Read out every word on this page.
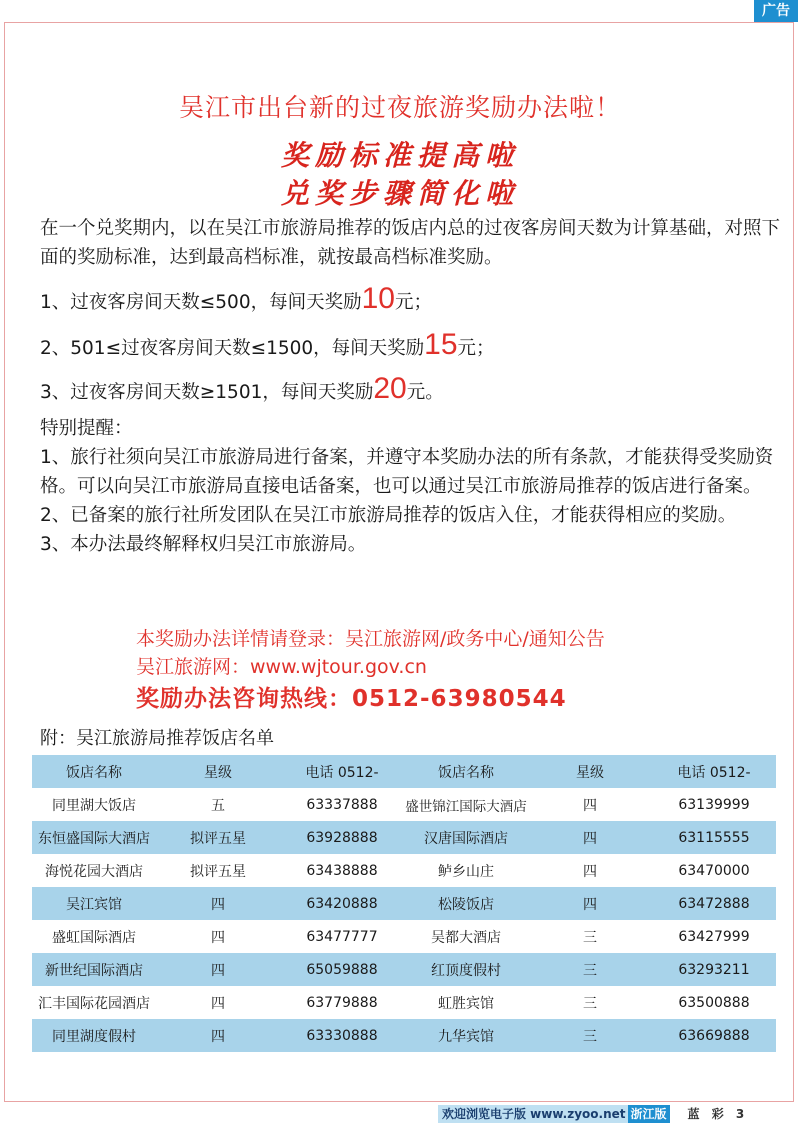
广告
吴江市出台新的过夜旅游奖励办法啦！
奖励标准提高啦
兑奖步骤简化啦
在一个兑奖期内，以在吴江市旅游局推荐的饭店内总的过夜客房间天数为计算基础，对照下面的奖励标准，达到最高档标准，就按最高档标准奖励。
1、过夜客房间天数≤500，每间天奖励10元；
2、501≤过夜客房间天数≤1500，每间天奖励15元；
3、过夜客房间天数≥1501，每间天奖励20元。
特别提醒：
1、旅行社须向吴江市旅游局进行备案，并遵守本奖励办法的所有条款，才能获得受奖励资格。可以向吴江市旅游局直接电话备案，也可以通过吴江市旅游局推荐的饭店进行备案。
2、已备案的旅行社所发团队在吴江市旅游局推荐的饭店入住，才能获得相应的奖励。
3、本办法最终解释权归吴江市旅游局。
本奖励办法详情请登录：吴江旅游网/政务中心/通知公告
吴江旅游网：www.wjtour.gov.cn
奖励办法咨询热线：0512-63980544
附：吴江旅游局推荐饭店名单
饭店名称	星级	电话 0512-	饭店名称	星级	电话 0512-
同里湖大饭店	五	63337888	盛世锦江国际大酒店	四	63139999
东恒盛国际大酒店	拟评五星	63928888	汉唐国际酒店	四	63115555
海悦花园大酒店	拟评五星	63438888	鲈乡山庄	四	63470000
吴江宾馆	四	63420888	松陵饭店	四	63472888
盛虹国际酒店	四	63477777	吴都大酒店	三	63427999
新世纪国际酒店	四	65059888	红顶度假村	三	63293211
汇丰国际花园酒店	四	63779888	虹胜宾馆	三	63500888
同里湖度假村	四	63330888	九华宾馆	三	63669888
欢迎浏览电子版 www.zyoo.net 浙江版 蓝 彩 3
